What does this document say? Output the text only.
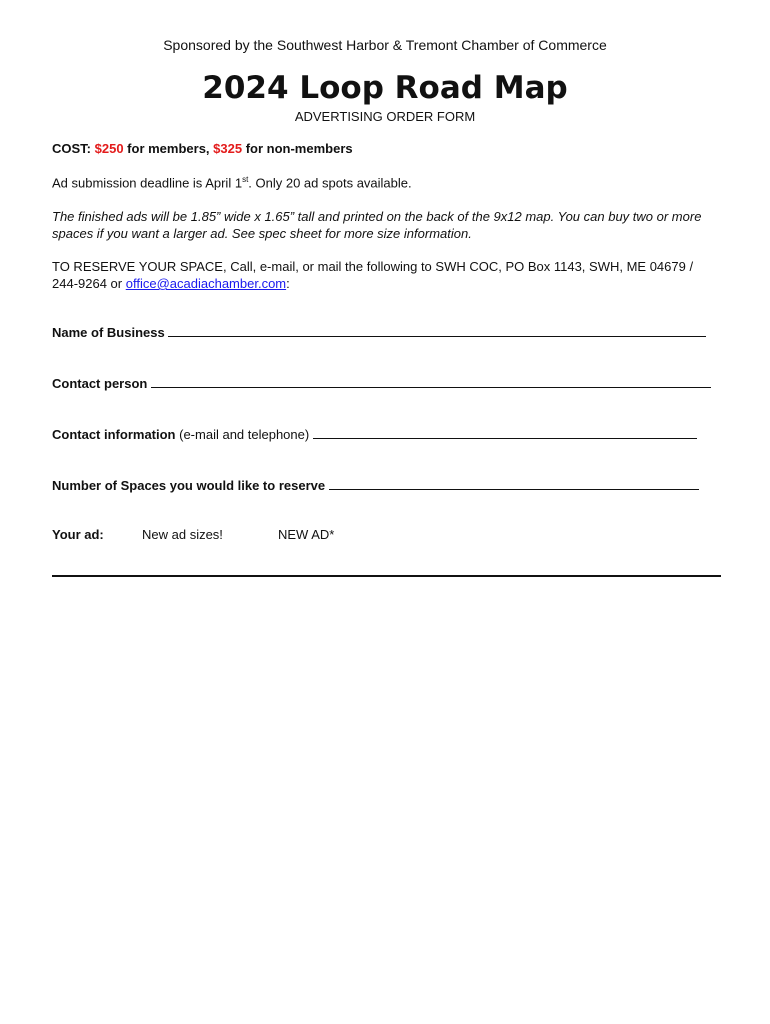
Sponsored by the Southwest Harbor & Tremont Chamber of Commerce
2024 Loop Road Map
ADVERTISING ORDER FORM
COST: $250 for members, $325 for non-members
Ad submission deadline is April 1st. Only 20 ad spots available.
The finished ads will be 1.85” wide x 1.65” tall and printed on the back of the 9x12 map. You can buy two or more spaces if you want a larger ad. See spec sheet for more size information.
TO RESERVE YOUR SPACE, Call, e-mail, or mail the following to SWH COC, PO Box 1143, SWH, ME 04679 / 244-9264 or office@acadiachamber.com:
Name of Business
Contact person
Contact information (e-mail and telephone)
Number of Spaces you would like to reserve
Your ad:	New ad sizes!	NEW AD*
